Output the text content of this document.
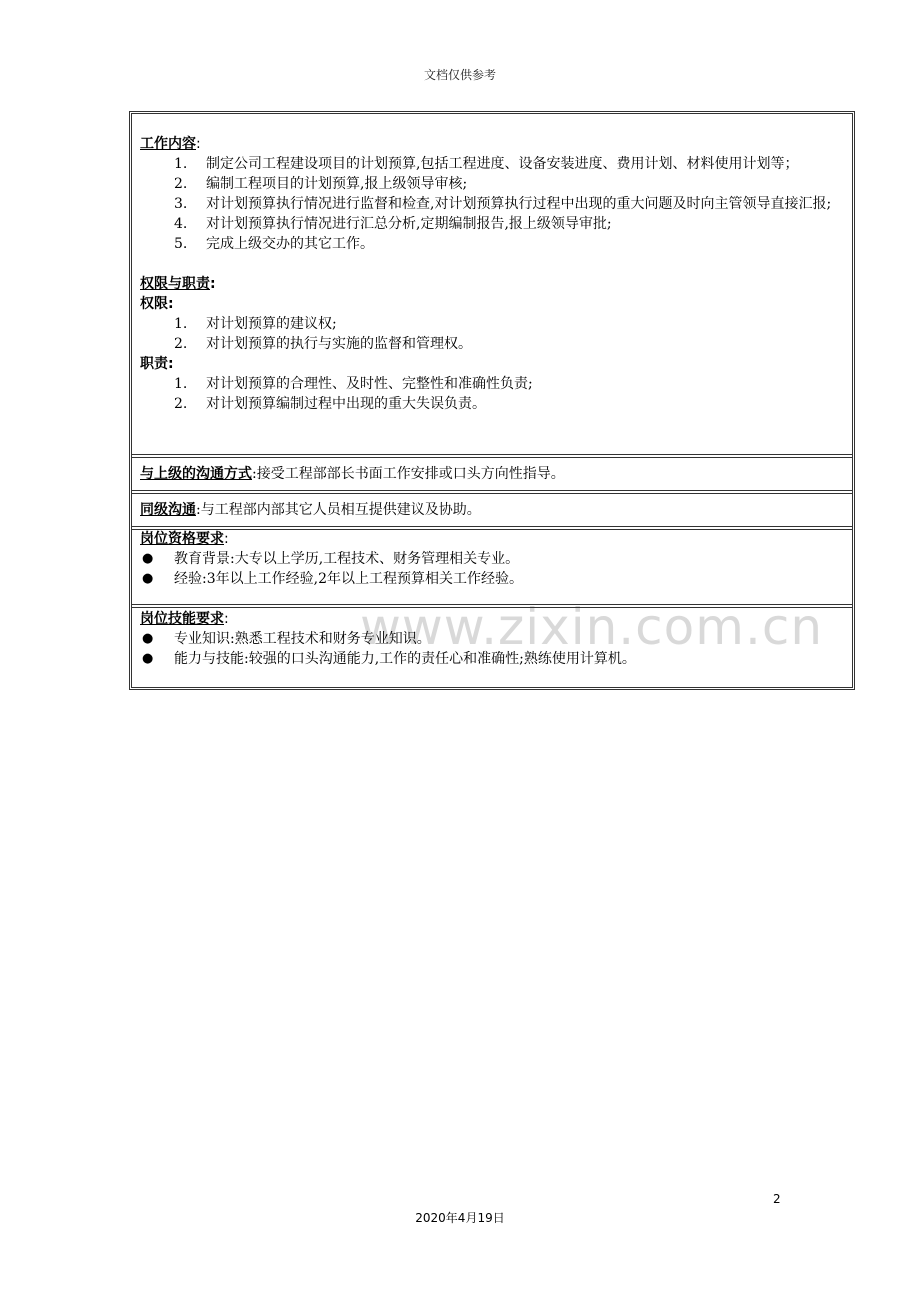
文档仅供参考
www.zixin.com.cn
工作内容:
1.	制定公司工程建设项目的计划预算,包括工程进度、设备安装进度、费用计划、材料使用计划等；
2.	编制工程项目的计划预算,报上级领导审核;
3.	对计划预算执行情况进行监督和检查,对计划预算执行过程中出现的重大问题及时向主管领导直接汇报;
4.	对计划预算执行情况进行汇总分析,定期编制报告,报上级领导审批;
5.	完成上级交办的其它工作。
权限与职责:
权限:
1.	对计划预算的建议权;
2.	对计划预算的执行与实施的监督和管理权。
职责:
1.	对计划预算的合理性、及时性、完整性和准确性负责;
2.	对计划预算编制过程中出现的重大失误负责。
与上级的沟通方式:接受工程部部长书面工作安排或口头方向性指导。
同级沟通:与工程部内部其它人员相互提供建议及协助。
岗位资格要求:
●	教育背景:大专以上学历,工程技术、财务管理相关专业。
●	经验:3年以上工作经验,2年以上工程预算相关工作经验。
岗位技能要求:
●	专业知识:熟悉工程技术和财务专业知识。
●	能力与技能:较强的口头沟通能力,工作的责任心和准确性;熟练使用计算机。
2
2020年4月19日
